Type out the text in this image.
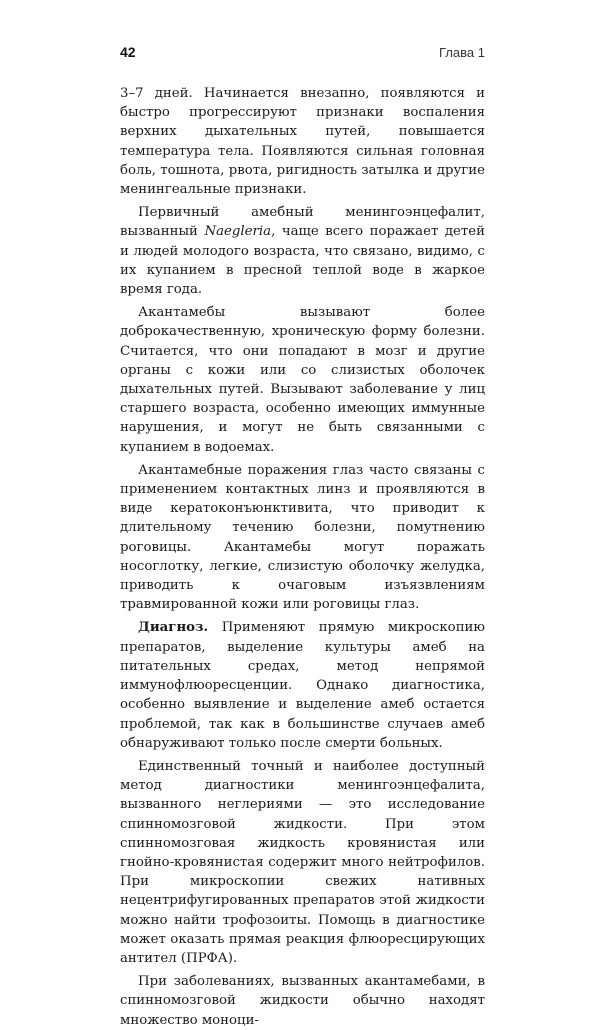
42	Глава 1

3–7 дней. Начинается внезапно, появляются и быстро прогрессируют признаки воспаления верхних дыхательных путей, повышается температура тела. Появляются сильная головная боль, тошнота, рвота, ригидность затылка и другие менингеальные признаки.

Первичный амебный менингоэнцефалит, вызванный Naegleria, чаще всего поражает детей и людей молодого возраста, что связано, видимо, с их купанием в пресной теплой воде в жаркое время года.

Акантамебы вызывают более доброкачественную, хроническую форму болезни. Считается, что они попадают в мозг и другие органы с кожи или со слизистых оболочек дыхательных путей. Вызывают заболевание у лиц старшего возраста, особенно имеющих иммунные нарушения, и могут не быть связанными с купанием в водоемах.

Акантамебные поражения глаз часто связаны с применением контактных линз и проявляются в виде кератоконъюнктивита, что приводит к длительному течению болезни, помутнению роговицы. Акантамебы могут поражать носоглотку, легкие, слизистую оболочку желудка, приводить к очаговым изъязвлениям травмированной кожи или роговицы глаз.

Диагноз. Применяют прямую микроскопию препаратов, выделение культуры амеб на питательных средах, метод непрямой иммунофлюоресценции. Однако диагностика, особенно выявление и выделение амеб остается проблемой, так как в большинстве случаев амеб обнаруживают только после смерти больных.

Единственный точный и наиболее доступный метод диагностики менингоэнцефалита, вызванного неглериями — это исследование спинномозговой жидкости. При этом спинномозговая жидкость кровянистая или гнойно-кровянистая содержит много нейтрофилов. При микроскопии свежих нативных нецентрифугированных препаратов этой жидкости можно найти трофозоиты. Помощь в диагностике может оказать прямая реакция флюоресцирующих антител (ПРФА).

При заболеваниях, вызванных акантамебами, в спинномозговой жидкости обычно находят множество моноци-
